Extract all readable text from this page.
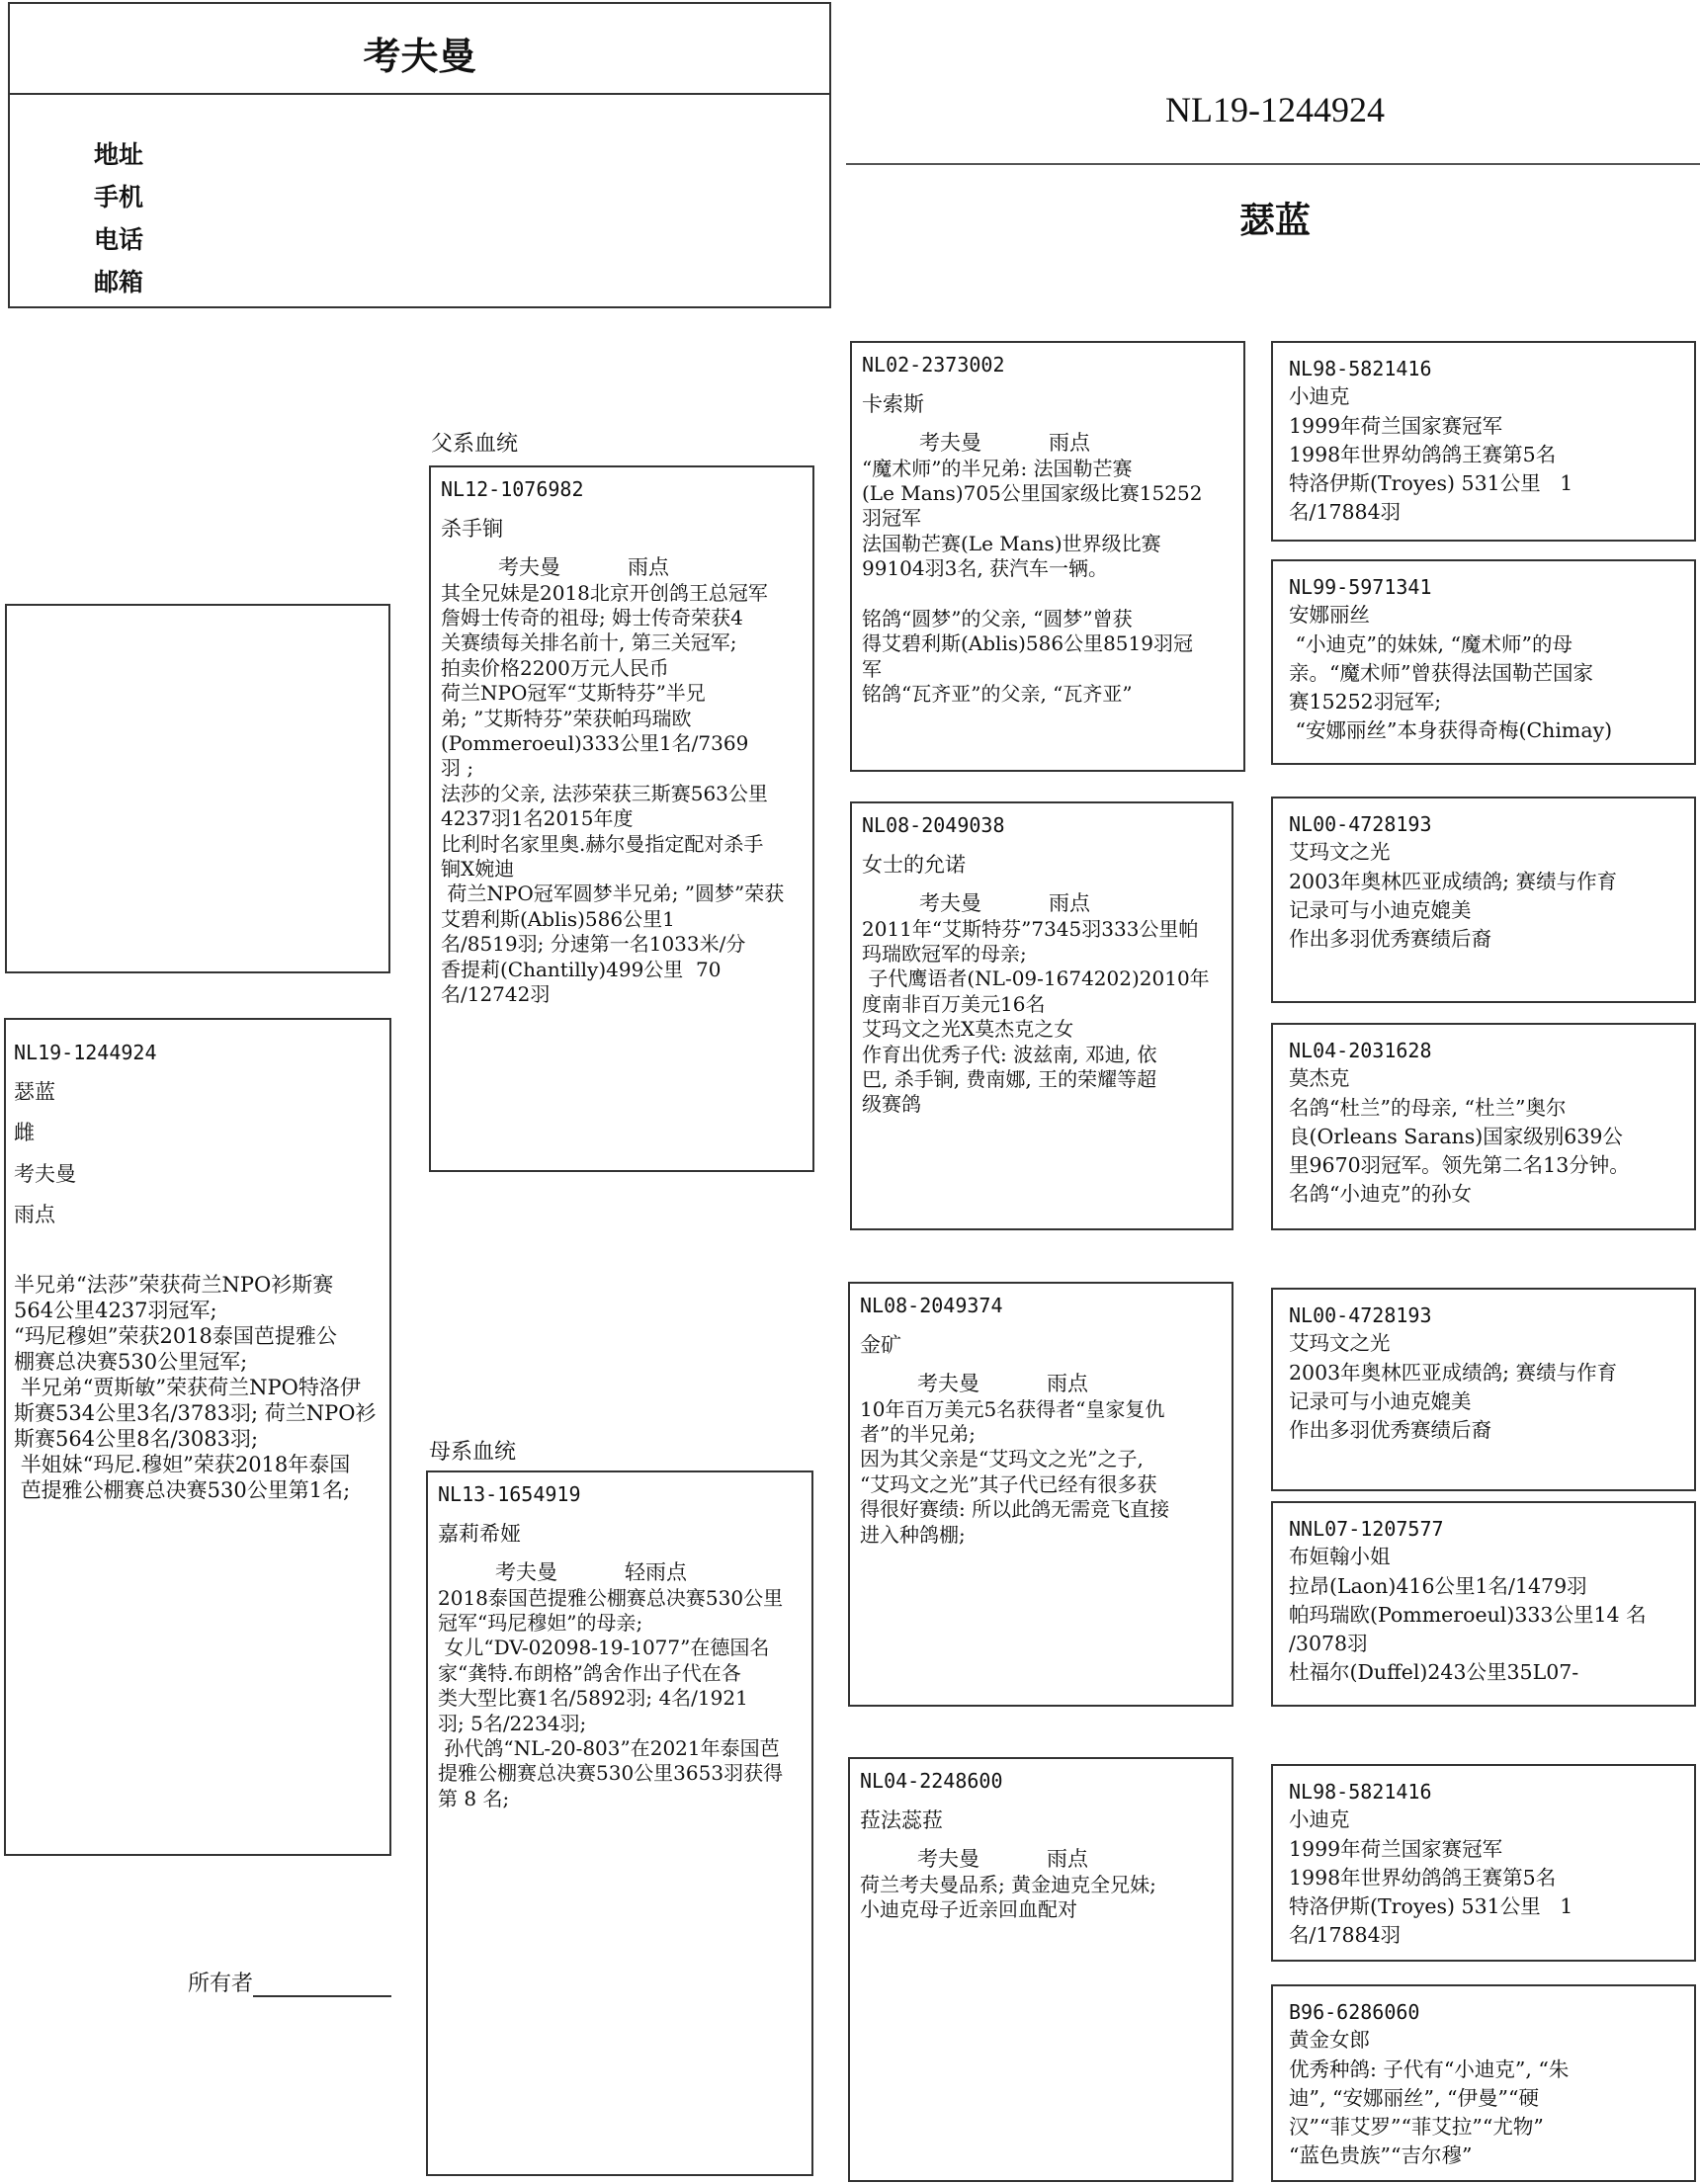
考夫曼
地址
手机
电话
邮箱
NL19-1244924
瑟蓝
NL19-1244924
瑟蓝
雌
考夫曼
雨点
半兄弟“法莎”荣获荷兰NPO衫斯赛
564公里4237羽冠军;
“玛尼穆妲”荣获2018泰国芭提雅公
棚赛总决赛530公里冠军;
半兄弟“贾斯敏”荣获荷兰NPO特洛伊
斯赛534公里3名/3783羽; 荷兰NPO衫
斯赛564公里8名/3083羽;
半姐妹“玛尼.穆妲”荣获2018年泰国
芭提雅公棚赛总决赛530公里第1名;
所有者
父系血统
NL12-1076982
杀手锏
考夫曼	雨点
其全兄妹是2018北京开创鸽王总冠军
詹姆士传奇的祖母; 姆士传奇荣获4
关赛绩每关排名前十, 第三关冠军;
拍卖价格2200万元人民币
荷兰NPO冠军“艾斯特芬”半兄
弟; ”艾斯特芬”荣获帕玛瑞欧
(Pommeroeul)333公里1名/7369
羽 ;
法莎的父亲, 法莎荣获三斯赛563公里
4237羽1名2015年度
比利时名家里奥.赫尔曼指定配对杀手
锏X婉迪
荷兰NPO冠军圆梦半兄弟; ”圆梦”荣获
艾碧利斯(Ablis)586公里1
名/8519羽; 分速第一名1033米/分
香提莉(Chantilly)499公里  70
名/12742羽
母系血统
NL13-1654919
嘉莉希娅
考夫曼	轻雨点
2018泰国芭提雅公棚赛总决赛530公里
冠军“玛尼穆妲”的母亲;
女儿“DV-02098-19-1077”在德国名
家“龚特.布朗格”鸽舍作出子代在各
类大型比赛1名/5892羽; 4名/1921
羽; 5名/2234羽;
孙代鸽“NL-20-803”在2021年泰国芭
提雅公棚赛总决赛530公里3653羽获得
第 8 名;
NL02-2373002
卡索斯
考夫曼	雨点
“魔术师”的半兄弟: 法国勒芒赛
(Le Mans)705公里国家级比赛15252
羽冠军
法国勒芒赛(Le Mans)世界级比赛
99104羽3名, 获汽车一辆。

铭鸽“圆梦”的父亲, “圆梦”曾获
得艾碧利斯(Ablis)586公里8519羽冠
军
铭鸽“瓦齐亚”的父亲, “瓦齐亚”
NL08-2049038
女士的允诺
考夫曼	雨点
2011年“艾斯特芬”7345羽333公里帕
玛瑞欧冠军的母亲;
子代鹰语者(NL-09-1674202)2010年
度南非百万美元16名
艾玛文之光X莫杰克之女
作育出优秀子代: 波兹南, 邓迪, 依
巴, 杀手锏, 费南娜, 王的荣耀等超
级赛鸽
NL08-2049374
金矿
考夫曼	雨点
10年百万美元5名获得者“皇家复仇
者”的半兄弟;
因为其父亲是“艾玛文之光”之子,
“艾玛文之光”其子代已经有很多获
得很好赛绩: 所以此鸽无需竞飞直接
进入种鸽棚;
NL04-2248600
菈法蕊菈
考夫曼	雨点
荷兰考夫曼品系; 黄金迪克全兄妹;
小迪克母子近亲回血配对
NL98-5821416
小迪克
1999年荷兰国家赛冠军
1998年世界幼鸽鸽王赛第5名
特洛伊斯(Troyes) 531公里   1
名/17884羽
NL99-5971341
安娜丽丝
“小迪克”的妹妹, “魔术师”的母
亲。“魔术师”曾获得法国勒芒国家
赛15252羽冠军;
“安娜丽丝”本身获得奇梅(Chimay)
NL00-4728193
艾玛文之光
2003年奥林匹亚成绩鸽; 赛绩与作育
记录可与小迪克媲美
作出多羽优秀赛绩后裔
NL04-2031628
莫杰克
名鸽“杜兰”的母亲, “杜兰”奥尔
良(Orleans Sarans)国家级别639公
里9670羽冠军。领先第二名13分钟。
名鸽“小迪克”的孙女
NL00-4728193
艾玛文之光
2003年奥林匹亚成绩鸽; 赛绩与作育
记录可与小迪克媲美
作出多羽优秀赛绩后裔
NNL07-1207577
布姮翰小姐
拉昂(Laon)416公里1名/1479羽
帕玛瑞欧(Pommeroeul)333公里14 名
/3078羽
杜福尔(Duffel)243公里35L07-
NL98-5821416
小迪克
1999年荷兰国家赛冠军
1998年世界幼鸽鸽王赛第5名
特洛伊斯(Troyes) 531公里   1
名/17884羽
B96-6286060
黄金女郎
优秀种鸽: 子代有“小迪克”, “朱
迪”, “安娜丽丝”, “伊曼”“硬
汉”“菲艾罗”“菲艾拉”“尤物”
“蓝色贵族”“吉尔穆”
